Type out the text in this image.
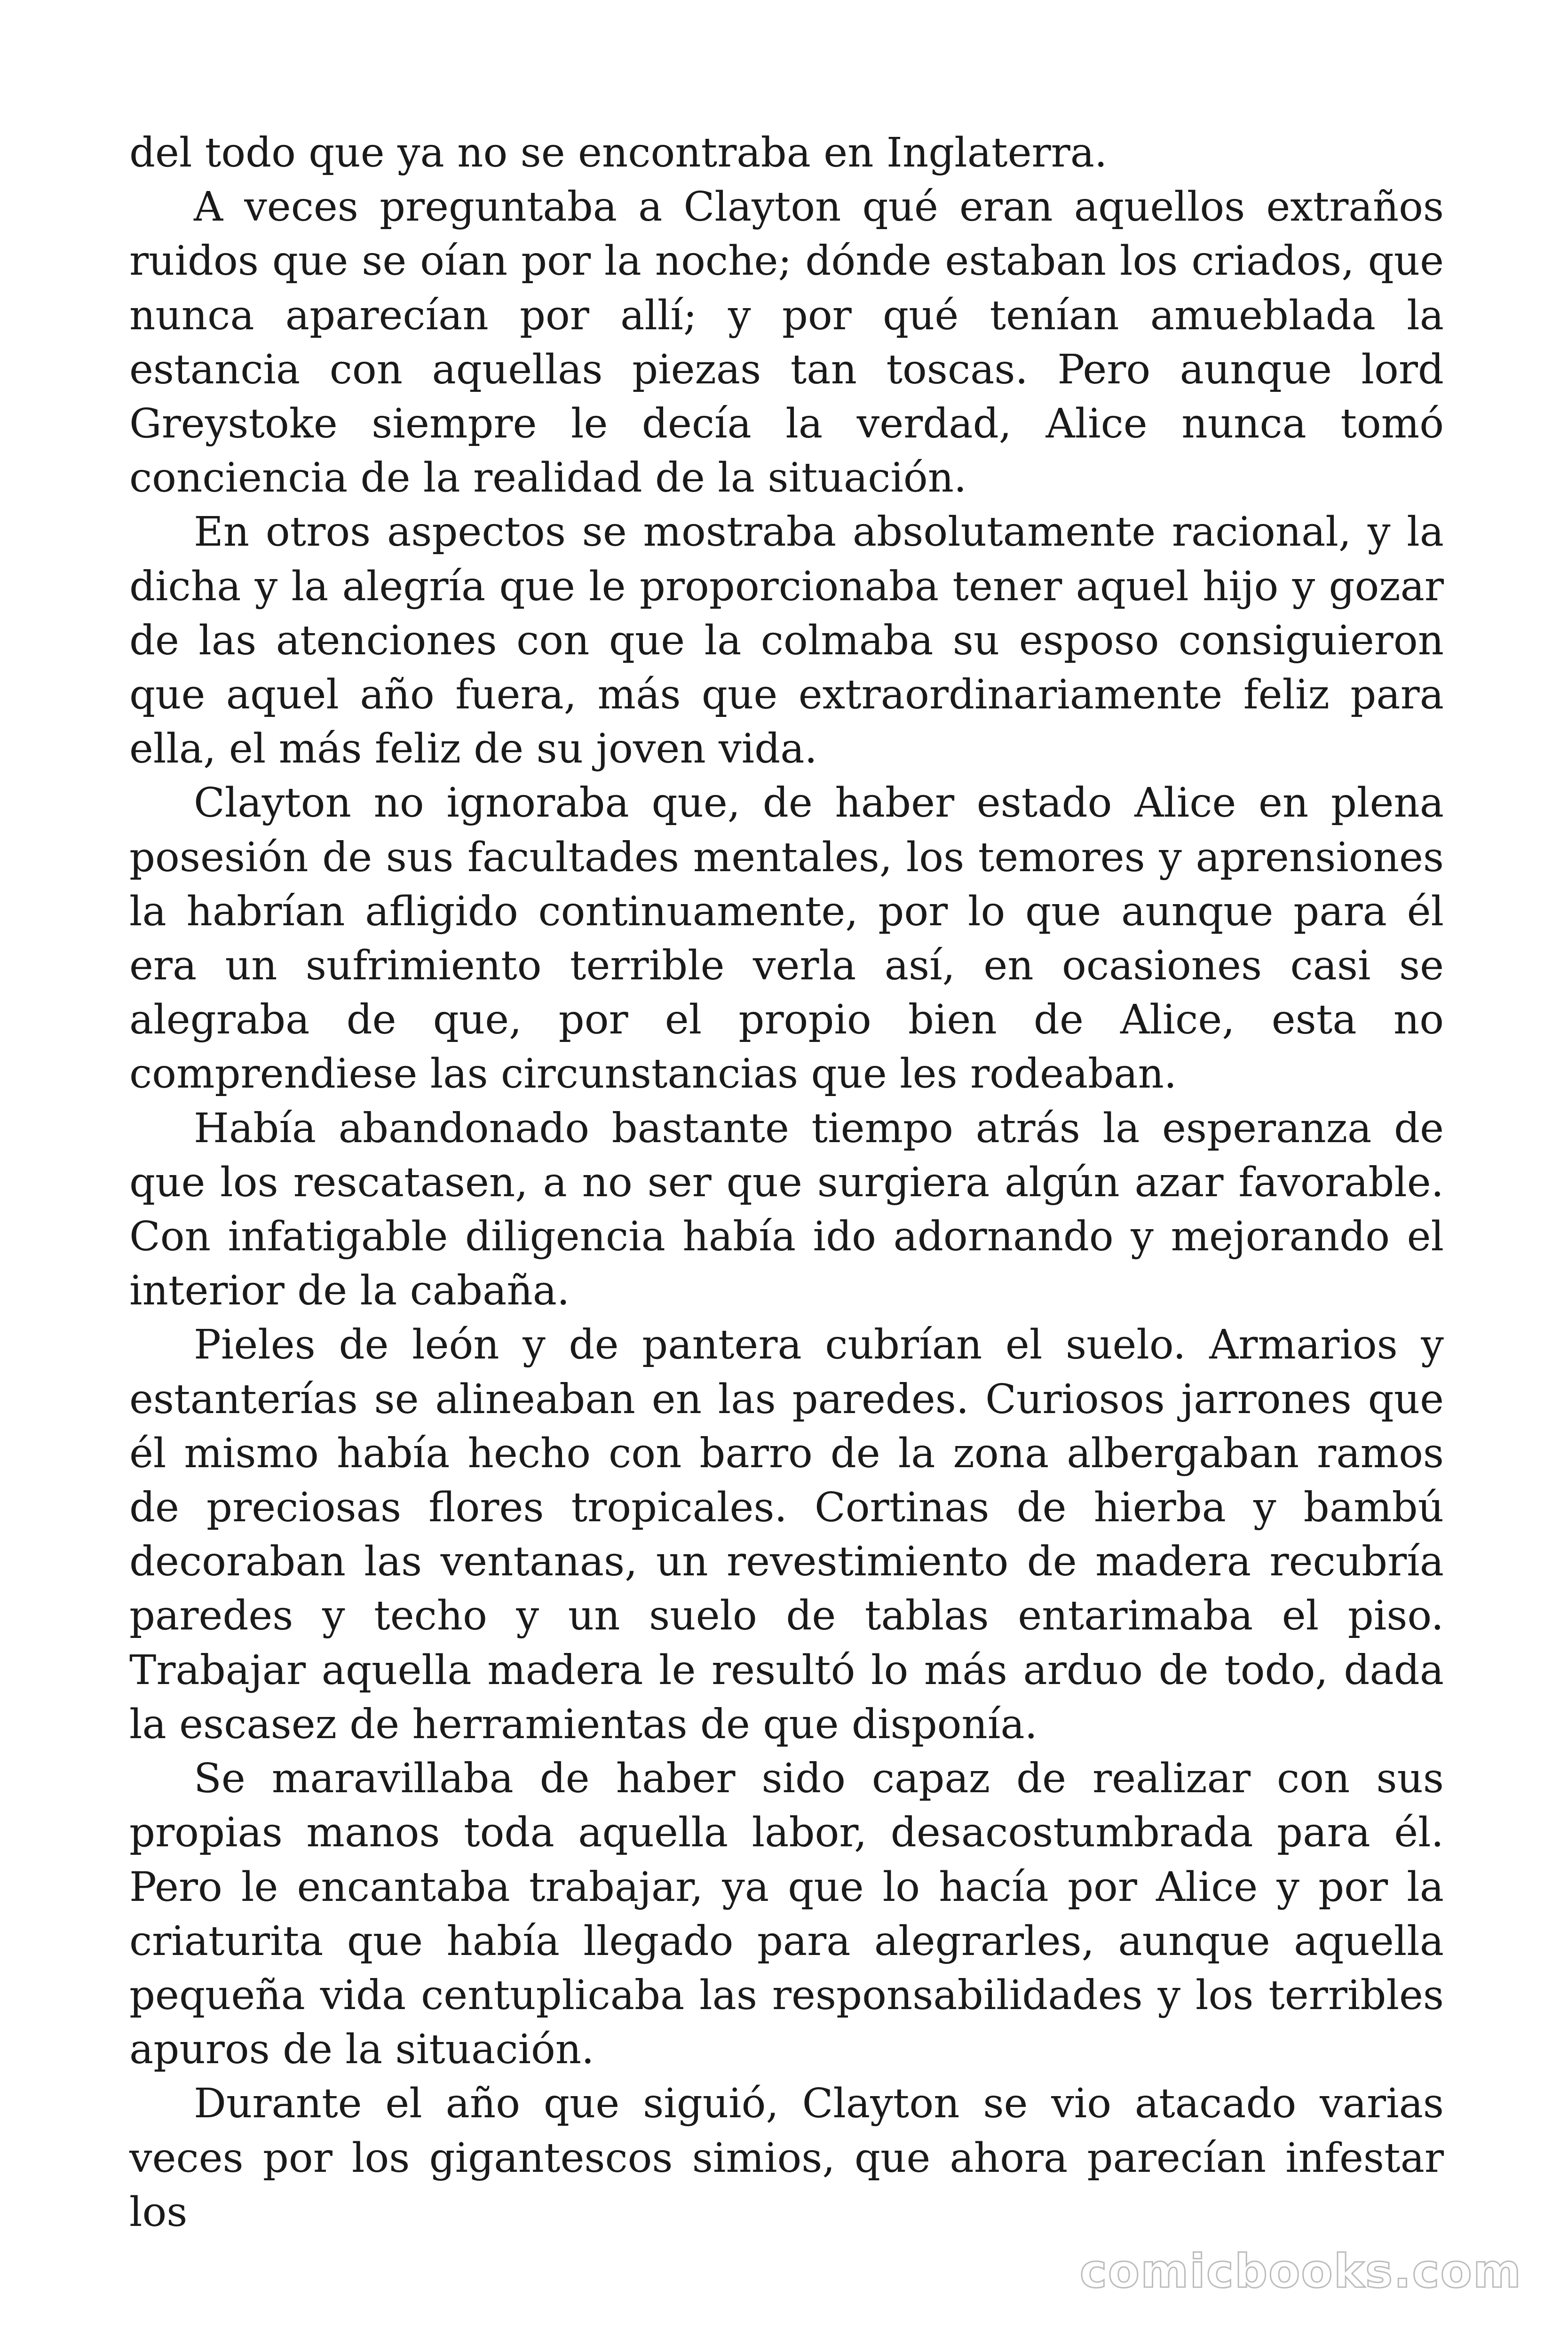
del todo que ya no se encontraba en Inglaterra.

A veces preguntaba a Clayton qué eran aquellos extraños ruidos que se oían por la noche; dónde estaban los criados, que nunca aparecían por allí; y por qué tenían amueblada la estancia con aquellas piezas tan toscas. Pero aunque lord Greystoke siempre le decía la verdad, Alice nunca tomó conciencia de la realidad de la situación.

En otros aspectos se mostraba absolutamente racional, y la dicha y la alegría que le proporcionaba tener aquel hijo y gozar de las atenciones con que la colmaba su esposo consiguieron que aquel año fuera, más que extraordinariamente feliz para ella, el más feliz de su joven vida.

Clayton no ignoraba que, de haber estado Alice en plena posesión de sus facultades mentales, los temores y aprensiones la habrían afligido continuamente, por lo que aunque para él era un sufrimiento terrible verla así, en ocasiones casi se alegraba de que, por el propio bien de Alice, esta no comprendiese las circunstancias que les rodeaban.

Había abandonado bastante tiempo atrás la esperanza de que los rescatasen, a no ser que surgiera algún azar favorable. Con infatigable diligencia había ido adornando y mejorando el interior de la cabaña.

Pieles de león y de pantera cubrían el suelo. Armarios y estanterías se alineaban en las paredes. Curiosos jarrones que él mismo había hecho con barro de la zona albergaban ramos de preciosas flores tropicales. Cortinas de hierba y bambú decoraban las ventanas, un revestimiento de madera recubría paredes y techo y un suelo de tablas entarimaba el piso. Trabajar aquella madera le resultó lo más arduo de todo, dada la escasez de herramientas de que disponía.

Se maravillaba de haber sido capaz de realizar con sus propias manos toda aquella labor, desacostumbrada para él. Pero le encantaba trabajar, ya que lo hacía por Alice y por la criaturita que había llegado para alegrarles, aunque aquella pequeña vida centuplicaba las responsabilidades y los terribles apuros de la situación.

Durante el año que siguió, Clayton se vio atacado varias veces por los gigantescos simios, que ahora parecían infestar los

comicbooks.com
